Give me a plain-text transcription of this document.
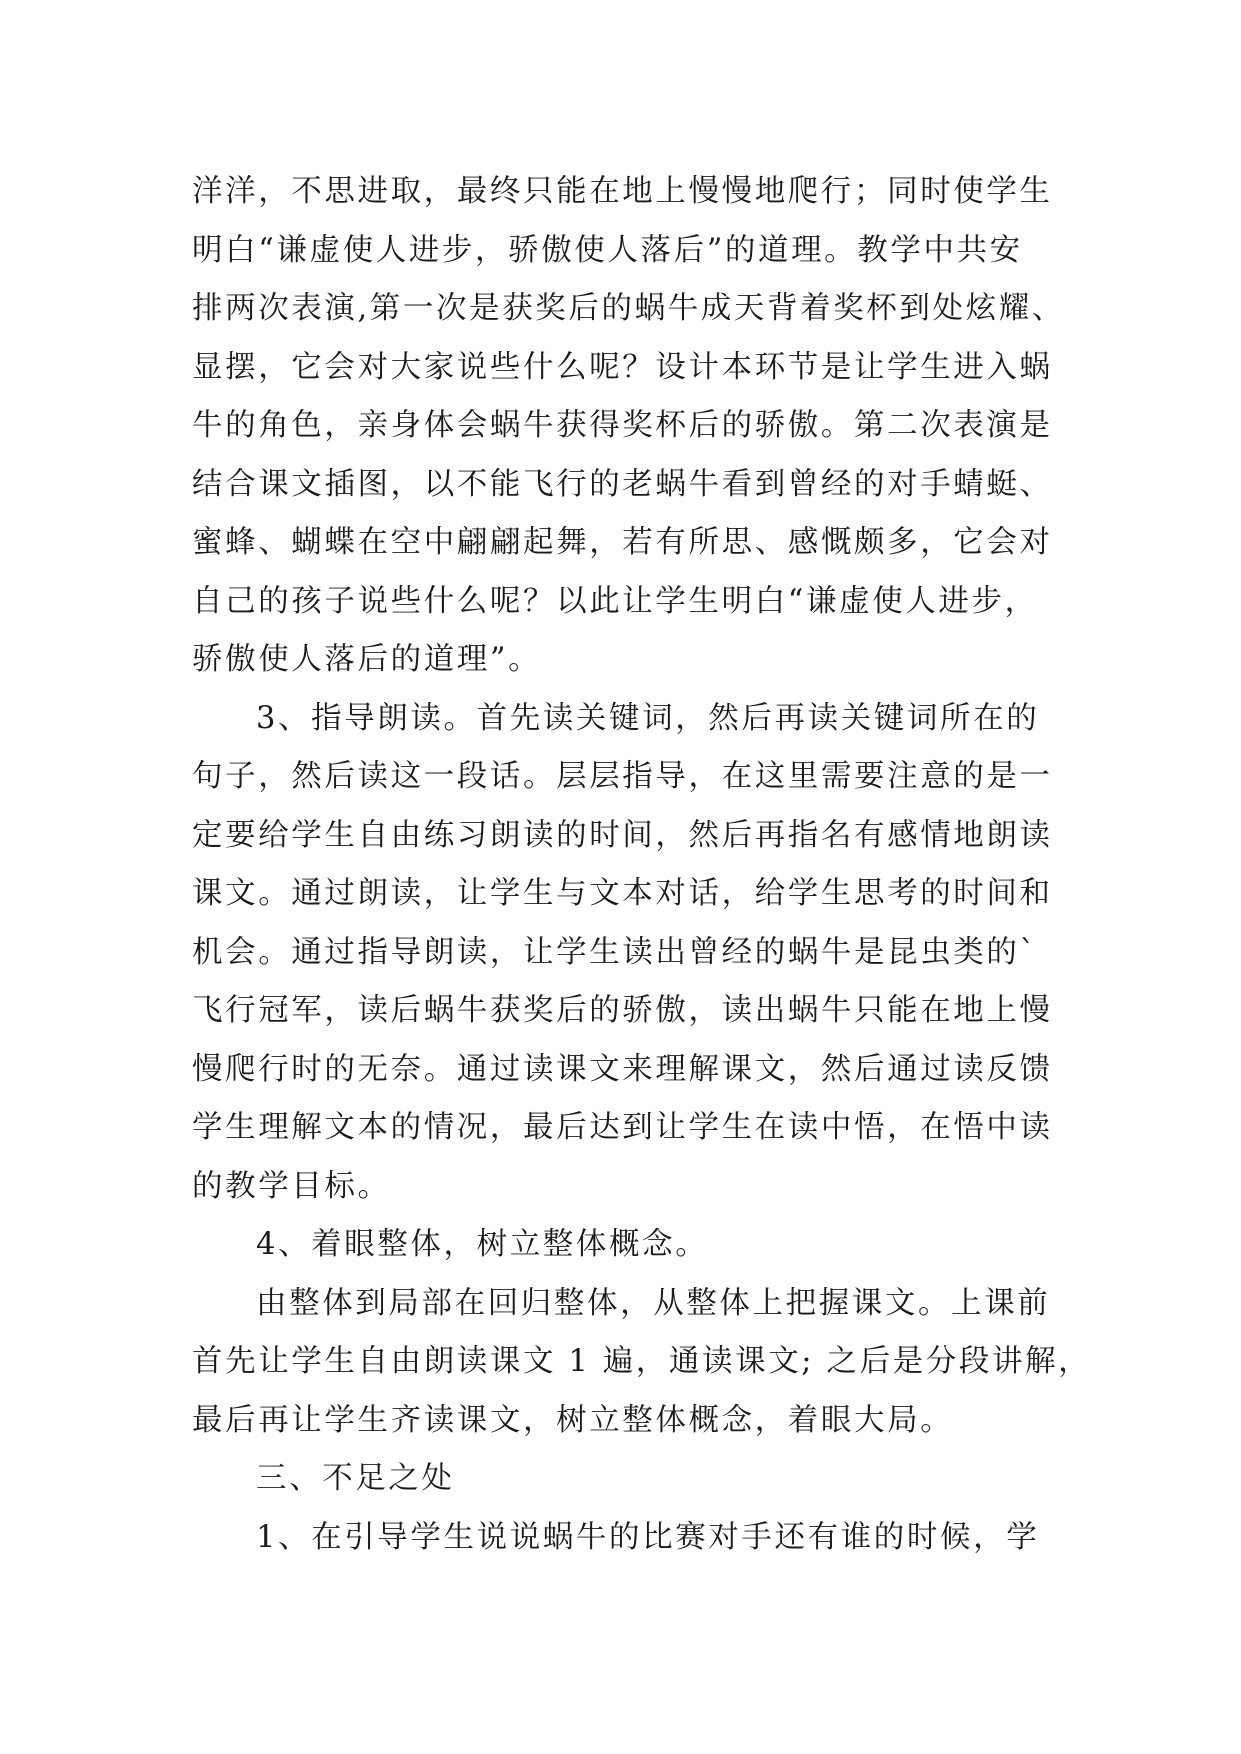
洋洋，不思进取，最终只能在地上慢慢地爬行；同时使学生
明白“谦虚使人进步，骄傲使人落后”的道理。教学中共安
排两次表演,第一次是获奖后的蜗牛成天背着奖杯到处炫耀、
显摆，它会对大家说些什么呢？设计本环节是让学生进入蜗
牛的角色，亲身体会蜗牛获得奖杯后的骄傲。第二次表演是
结合课文插图，以不能飞行的老蜗牛看到曾经的对手蜻蜓、
蜜蜂、蝴蝶在空中翩翩起舞，若有所思、感慨颇多，它会对
自己的孩子说些什么呢？以此让学生明白“谦虚使人进步，
骄傲使人落后的道理”。
3、指导朗读。首先读关键词，然后再读关键词所在的
句子，然后读这一段话。层层指导，在这里需要注意的是一
定要给学生自由练习朗读的时间，然后再指名有感情地朗读
课文。通过朗读，让学生与文本对话，给学生思考的时间和
机会。通过指导朗读，让学生读出曾经的蜗牛是昆虫类的`
飞行冠军，读后蜗牛获奖后的骄傲，读出蜗牛只能在地上慢
慢爬行时的无奈。通过读课文来理解课文，然后通过读反馈
学生理解文本的情况，最后达到让学生在读中悟，在悟中读
的教学目标。
4、着眼整体，树立整体概念。
由整体到局部在回归整体，从整体上把握课文。上课前
首先让学生自由朗读课文 1 遍，通读课文; 之后是分段讲解，
最后再让学生齐读课文，树立整体概念，着眼大局。
三、不足之处
1、在引导学生说说蜗牛的比赛对手还有谁的时候，学
